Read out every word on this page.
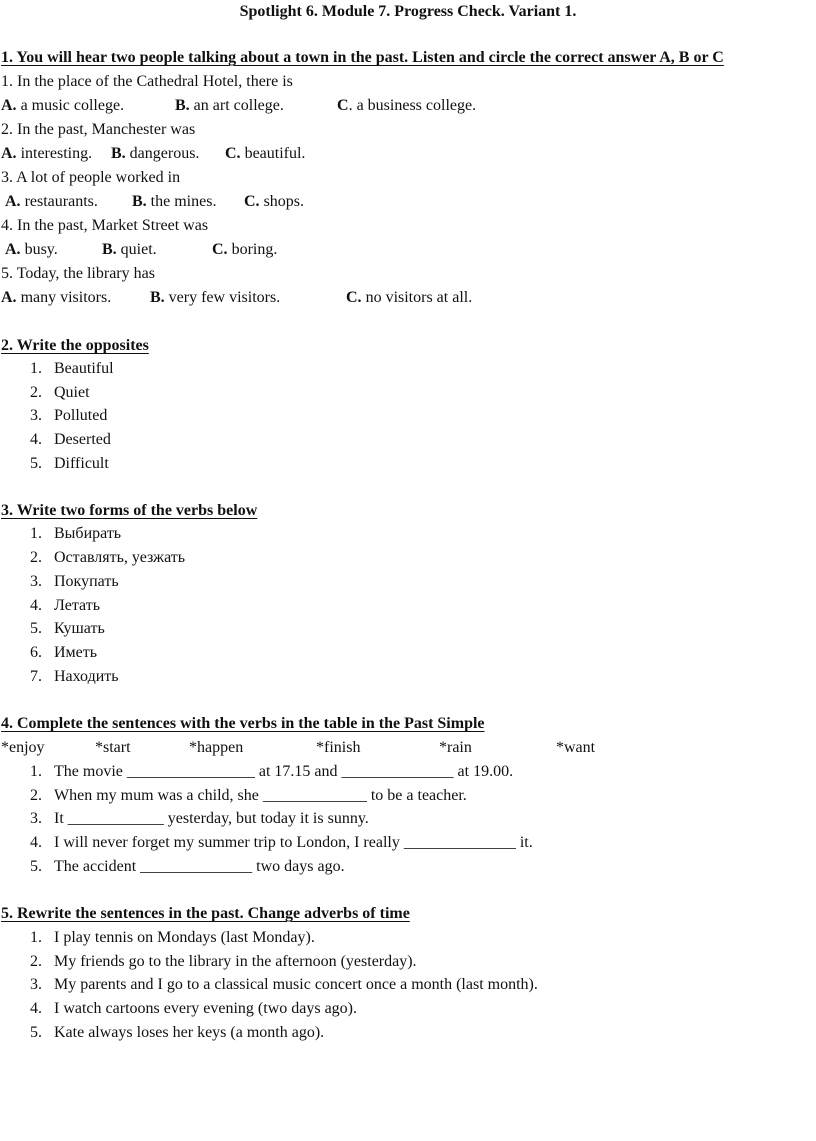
Spotlight 6. Module 7. Progress Check. Variant 1.
1. You will hear two people talking about a town in the past. Listen and circle the correct answer A, B or C
1. In the place of the Cathedral Hotel, there is
A. a music college.	B. an art college.	C. a business college.
2. In the past, Manchester was
A. interesting. B. dangerous. C. beautiful.
3. A lot of people worked in
A. restaurants. B. the mines. C. shops.
4. In the past, Market Street was
A. busy.	B. quiet.	C. boring.
5. Today, the library has
A. many visitors. B. very few visitors.	C. no visitors at all.
2. Write the opposites
1. Beautiful
2. Quiet
3. Polluted
4. Deserted
5. Difficult
3. Write two forms of the verbs below
1. Выбирать
2. Оставлять, уезжать
3. Покупать
4. Летать
5. Кушать
6. Иметь
7. Находить
4. Complete the sentences with the verbs in the table in the Past Simple
*enjoy	*start	*happen	*finish	*rain	*want
1. The movie ________________ at 17.15 and ______________ at 19.00.
2. When my mum was a child, she _____________ to be a teacher.
3. It ____________ yesterday, but today it is sunny.
4. I will never forget my summer trip to London, I really ______________ it.
5. The accident ______________ two days ago.
5. Rewrite the sentences in the past. Change adverbs of time
1. I play tennis on Mondays (last Monday).
2. My friends go to the library in the afternoon (yesterday).
3. My parents and I go to a classical music concert once a month (last month).
4. I watch cartoons every evening (two days ago).
5. Kate always loses her keys (a month ago).
